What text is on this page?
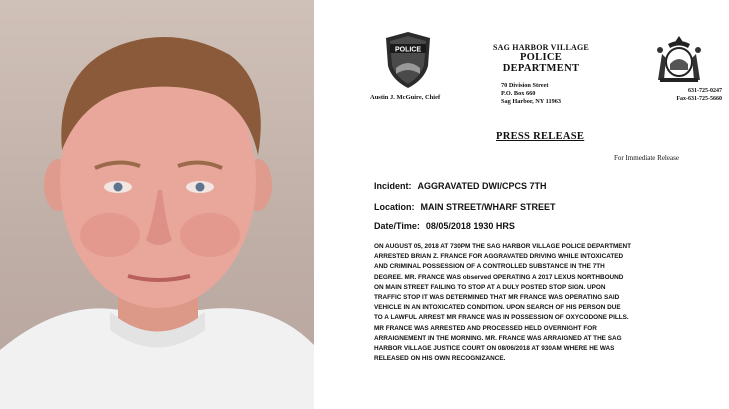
POLICE
Austin J. McGuire, Chief
SAG HARBOR VILLAGE
POLICE
DEPARTMENT
70 Division Street
P.O. Box 660
Sag Harbor, NY 11963
631-725-0247
Fax-631-725-5660
PRESS RELEASE
For Immediate Release
Incident: AGGRAVATED DWI/CPCS 7TH
Location: MAIN STREET/WHARF STREET
Date/Time: 08/05/2018 1930 HRS
ON AUGUST 05, 2018 AT 730PM THE SAG HARBOR VILLAGE POLICE DEPARTMENT
ARRESTED BRIAN Z. FRANCE FOR AGGRAVATED DRIVING WHILE INTOXICATED
AND CRIMINAL POSSESSION OF A CONTROLLED SUBSTANCE IN THE 7TH
DEGREE. MR. FRANCE WAS observed OPERATING A 2017 LEXUS NORTHBOUND
ON MAIN STREET FAILING TO STOP AT A DULY POSTED STOP SIGN. UPON
TRAFFIC STOP IT WAS DETERMINED THAT MR FRANCE WAS OPERATING SAID
VEHICLE IN AN INTOXICATED CONDITION. UPON SEARCH OF HIS PERSON DUE
TO A LAWFUL ARREST MR FRANCE WAS IN POSSESSION OF OXYCODONE PILLS.
MR FRANCE WAS ARRESTED AND PROCESSED HELD OVERNIGHT FOR
ARRAIGNEMENT IN THE MORNING. MR. FRANCE WAS ARRAIGNED AT THE SAG
HARBOR VILLAGE JUSTICE COURT ON 08/06/2018 AT 930AM WHERE HE WAS
RELEASED ON HIS OWN RECOGNIZANCE.
